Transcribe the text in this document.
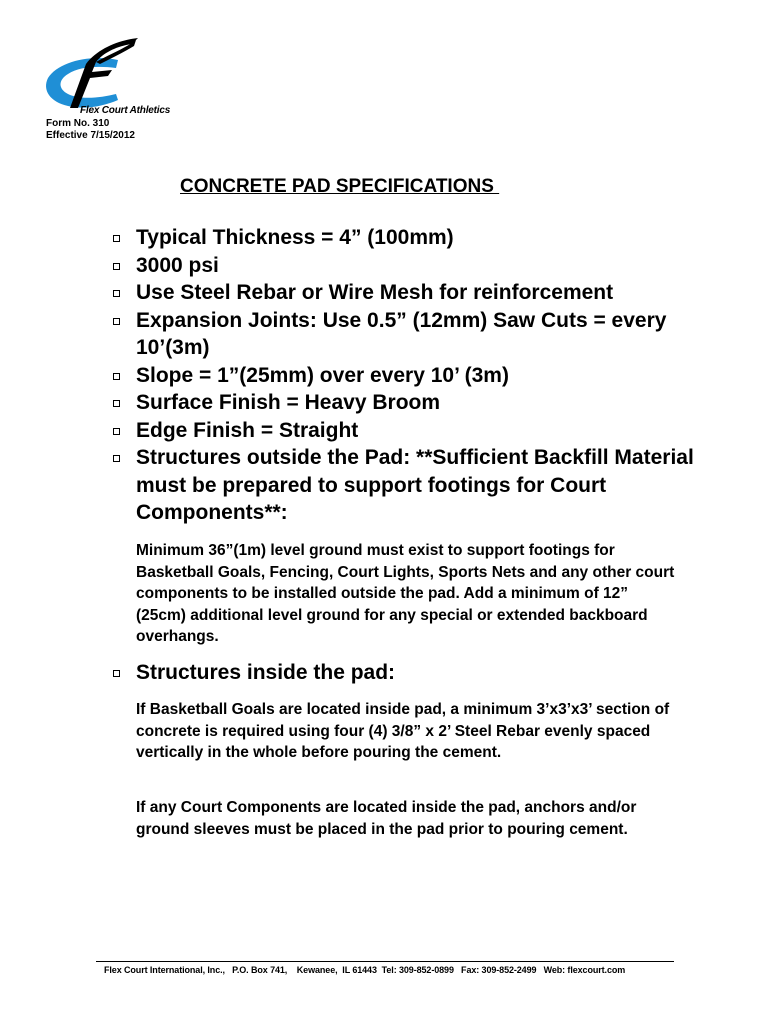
Flex Court Athletics
Form No. 310
Effective 7/15/2012
CONCRETE PAD SPECIFICATIONS
Typical Thickness = 4” (100mm)
3000 psi
Use Steel Rebar or Wire Mesh for reinforcement
Expansion Joints: Use 0.5” (12mm) Saw Cuts = every 10’(3m)
Slope = 1”(25mm) over every 10’ (3m)
Surface Finish = Heavy Broom
Edge Finish = Straight
Structures outside the Pad: **Sufficient Backfill Material must be prepared to support footings for Court Components**:
Minimum 36”(1m) level ground must exist to support footings for Basketball Goals, Fencing, Court Lights, Sports Nets and any other court components to be installed outside the pad. Add a minimum of 12” (25cm) additional level ground for any special or extended backboard overhangs.
Structures inside the pad:
If Basketball Goals are located inside pad, a minimum 3’x3’x3’ section of concrete is required using four (4) 3/8” x 2’ Steel Rebar evenly spaced vertically in the whole before pouring the cement.
If any Court Components are located inside the pad, anchors and/or ground sleeves must be placed in the pad prior to pouring cement.
Flex Court International, Inc.,   P.O. Box 741,    Kewanee,  IL 61443  Tel: 309-852-0899   Fax: 309-852-2499   Web: flexcourt.com
